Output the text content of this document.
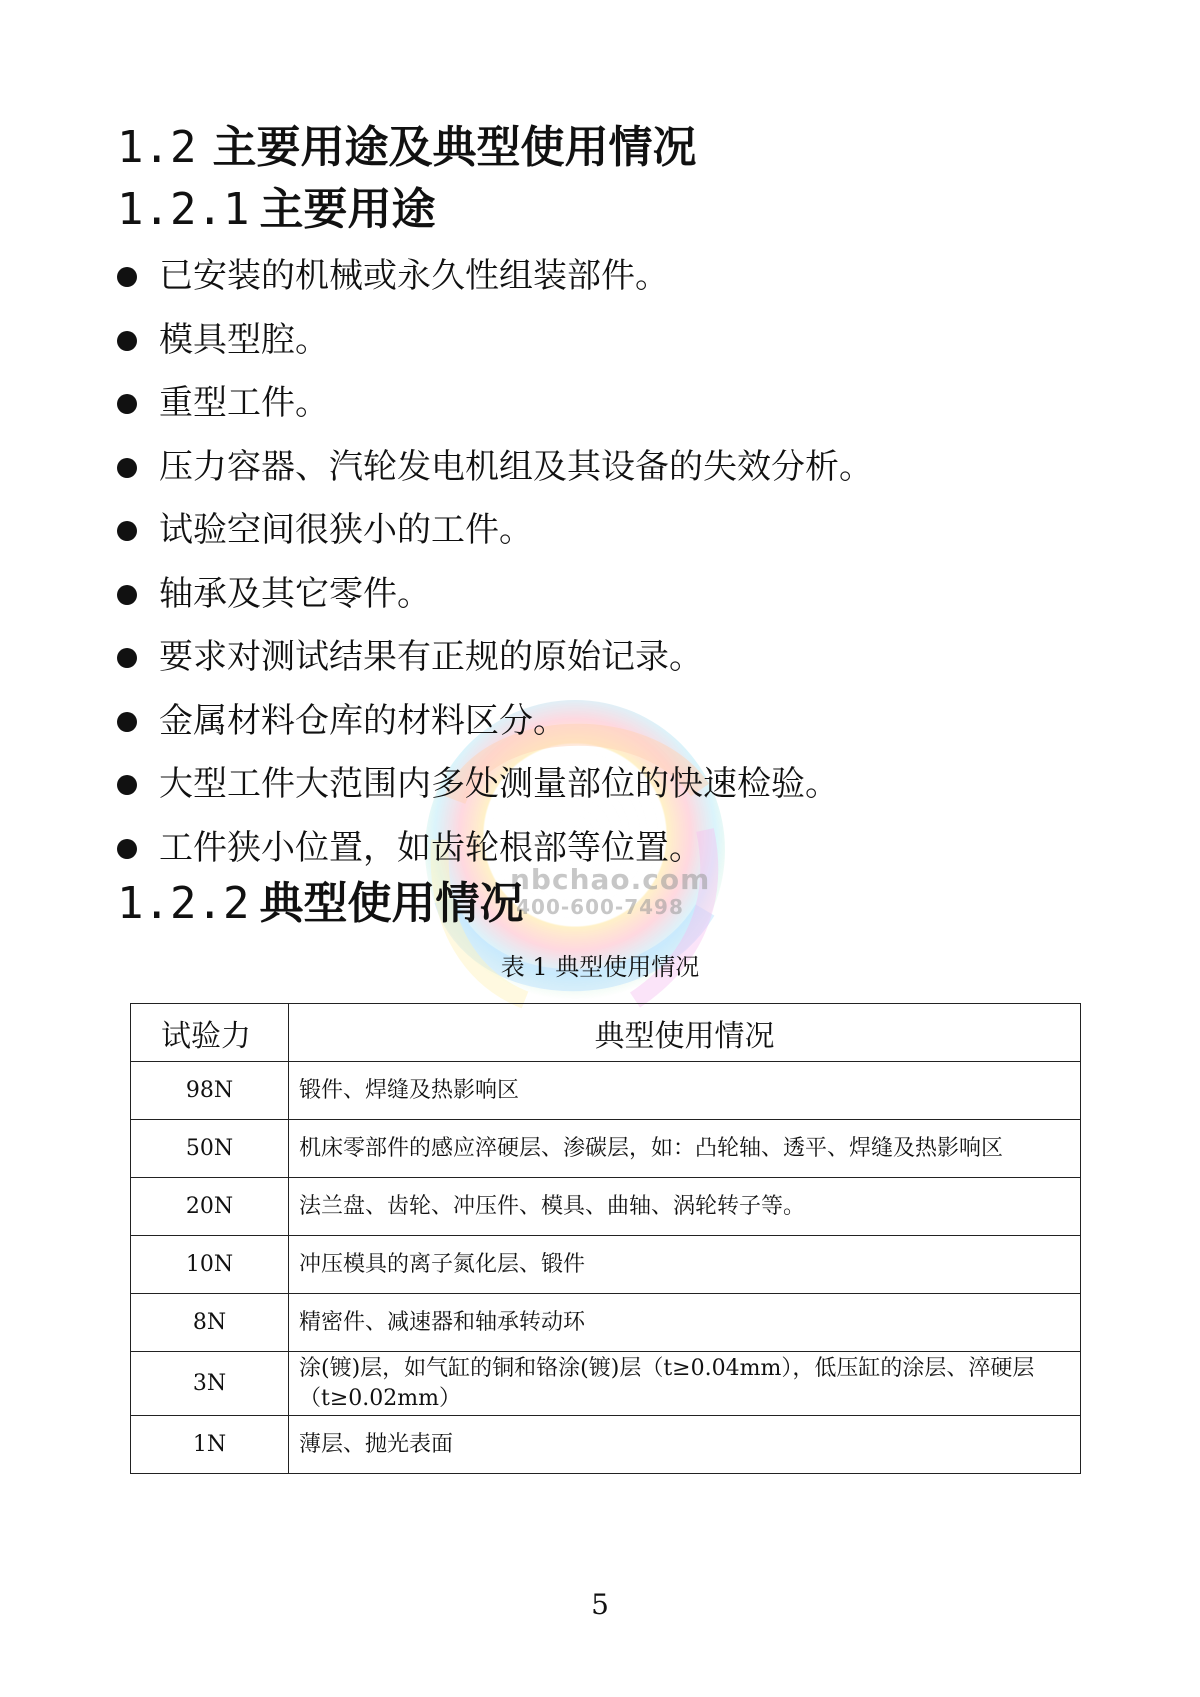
nbchao.com
400-600-7498
1.2 主要用途及典型使用情况
1.2.1 主要用途
已安装的机械或永久性组装部件。
模具型腔。
重型工件。
压力容器、汽轮发电机组及其设备的失效分析。
试验空间很狭小的工件。
轴承及其它零件。
要求对测试结果有正规的原始记录。
金属材料仓库的材料区分。
大型工件大范围内多处测量部位的快速检验。
工件狭小位置，如齿轮根部等位置。
1.2.2 典型使用情况
表 1 典型使用情况
试验力	典型使用情况
98N	锻件、焊缝及热影响区
50N	机床零部件的感应淬硬层、渗碳层，如：凸轮轴、透平、焊缝及热影响区
20N	法兰盘、齿轮、冲压件、模具、曲轴、涡轮转子等。
10N	冲压模具的离子氮化层、锻件
8N	精密件、减速器和轴承转动环
3N	涂(镀)层，如气缸的铜和铬涂(镀)层（t≥0.04mm），低压缸的涂层、淬硬层（t≥0.02mm）
1N	薄层、抛光表面
5
